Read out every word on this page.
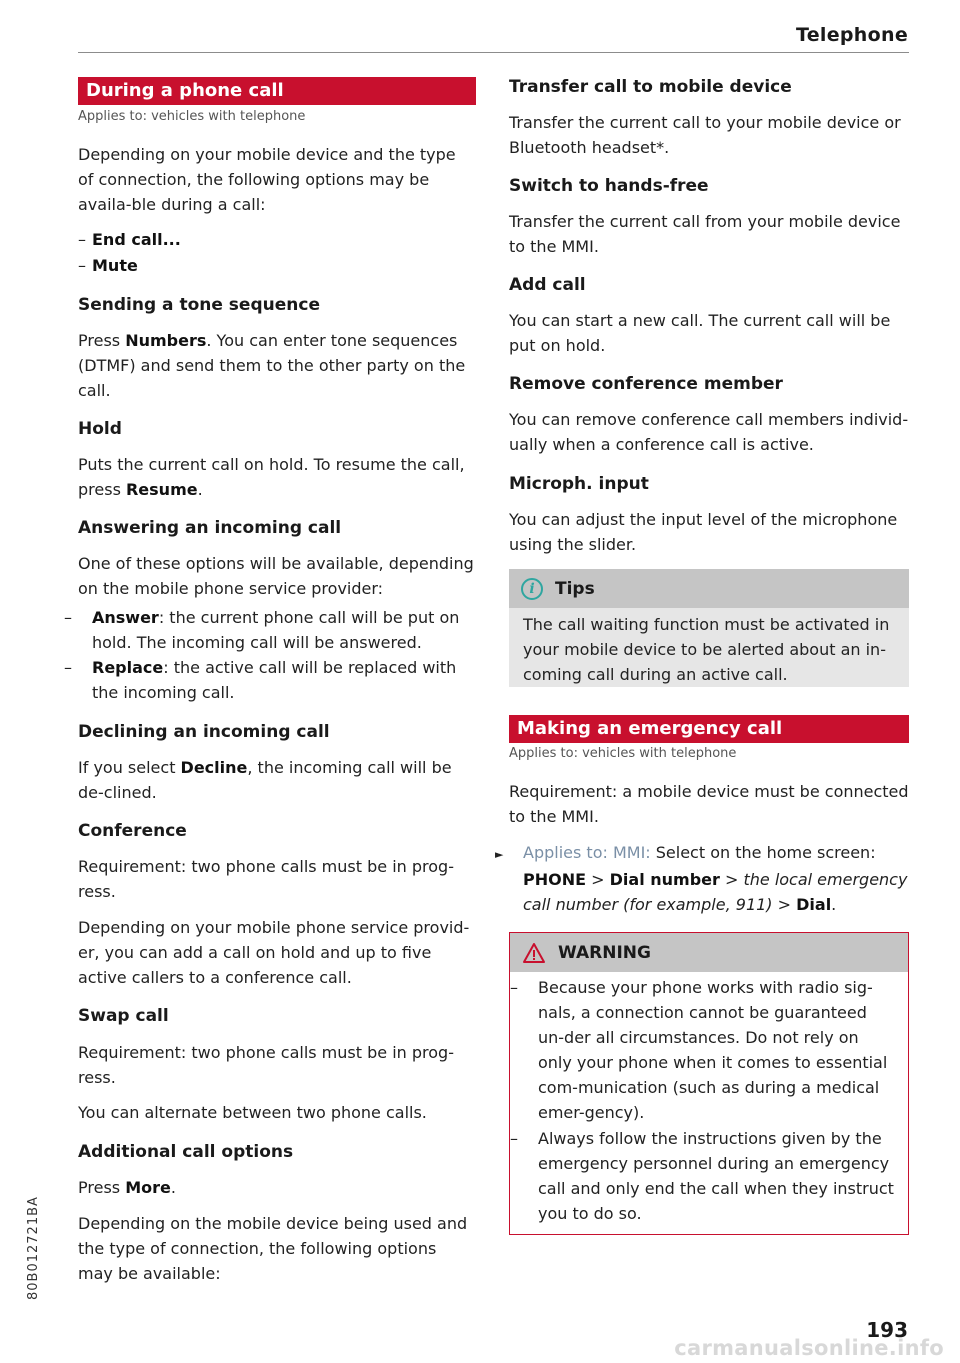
Telephone
During a phone call
Applies to: vehicles with telephone
Depending on your mobile device and the type of connection, the following options may be availa-ble during a call:
– End call...
– Mute
Sending a tone sequence
Press Numbers. You can enter tone sequences (DTMF) and send them to the other party on the call.
Hold
Puts the current call on hold. To resume the call, press Resume.
Answering an incoming call
One of these options will be available, depending on the mobile phone service provider:
– Answer: the current phone call will be put on hold. The incoming call will be answered.
– Replace: the active call will be replaced with the incoming call.
Declining an incoming call
If you select Decline, the incoming call will be de-clined.
Conference
Requirement: two phone calls must be in prog-ress.
Depending on your mobile phone service provid-er, you can add a call on hold and up to five active callers to a conference call.
Swap call
Requirement: two phone calls must be in prog-ress.
You can alternate between two phone calls.
Additional call options
Press More.
Depending on the mobile device being used and the type of connection, the following options may be available:
Transfer call to mobile device
Transfer the current call to your mobile device or Bluetooth headset*.
Switch to hands-free
Transfer the current call from your mobile device to the MMI.
Add call
You can start a new call. The current call will be put on hold.
Remove conference member
You can remove conference call members individ-ually when a conference call is active.
Microph. input
You can adjust the input level of the microphone using the slider.
i	Tips
The call waiting function must be activated in your mobile device to be alerted about an in-coming call during an active call.
Making an emergency call
Applies to: vehicles with telephone
Requirement: a mobile device must be connected to the MMI.
► Applies to: MMI: Select on the home screen: PHONE > Dial number > the local emergency call number (for example, 911) > Dial.
WARNING
– Because your phone works with radio sig-nals, a connection cannot be guaranteed un-der all circumstances. Do not rely on only your phone when it comes to essential com-munication (such as during a medical emer-gency).
– Always follow the instructions given by the emergency personnel during an emergency call and only end the call when they instruct you to do so.
80B012721BA
193
carmanualsonline.info
